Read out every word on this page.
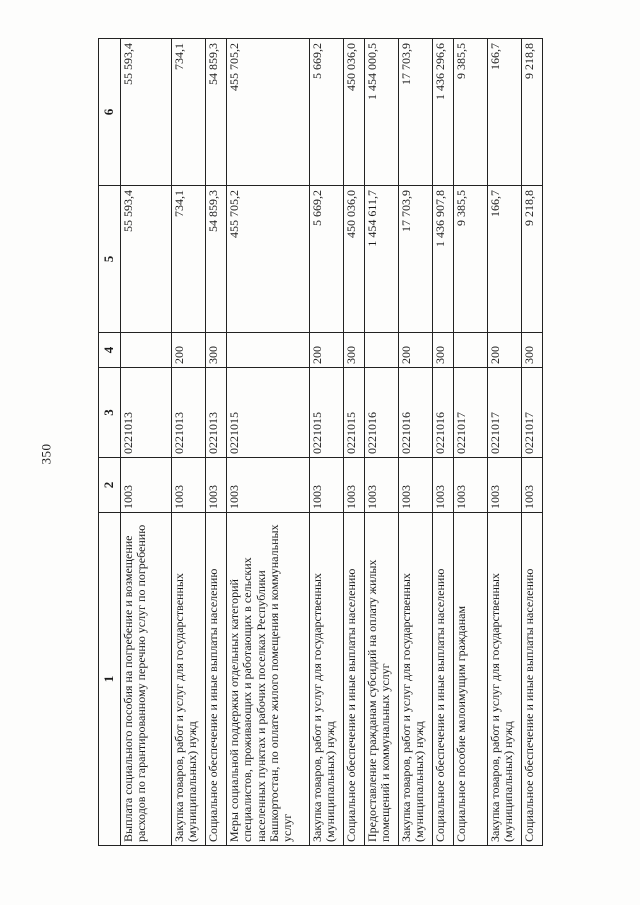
350
1	2	3	4	5	6
Выплата социального пособия на погребение и возмещение расходов по гарантированному перечню услуг по погребению	1003	0221013		55 593,4	55 593,4
Закупка товаров, работ и услуг для государственных (муниципальных) нужд	1003	0221013	200	734,1	734,1
Социальное обеспечение и иные выплаты населению	1003	0221013	300	54 859,3	54 859,3
Меры социальной поддержки отдельных категорий специалистов, проживающих и работающих в сельских населенных пунктах и рабочих поселках Республики Башкортостан, по оплате жилого помещения и коммунальных услуг	1003	0221015		455 705,2	455 705,2
Закупка товаров, работ и услуг для государственных (муниципальных) нужд	1003	0221015	200	5 669,2	5 669,2
Социальное обеспечение и иные выплаты населению	1003	0221015	300	450 036,0	450 036,0
Предоставление гражданам субсидий на оплату жилых помещений и коммунальных услуг	1003	0221016		1 454 611,7	1 454 000,5
Закупка товаров, работ и услуг для государственных (муниципальных) нужд	1003	0221016	200	17 703,9	17 703,9
Социальное обеспечение и иные выплаты населению	1003	0221016	300	1 436 907,8	1 436 296,6
Социальное пособие малоимущим гражданам	1003	0221017		9 385,5	9 385,5
Закупка товаров, работ и услуг для государственных (муниципальных) нужд	1003	0221017	200	166,7	166,7
Социальное обеспечение и иные выплаты населению	1003	0221017	300	9 218,8	9 218,8
